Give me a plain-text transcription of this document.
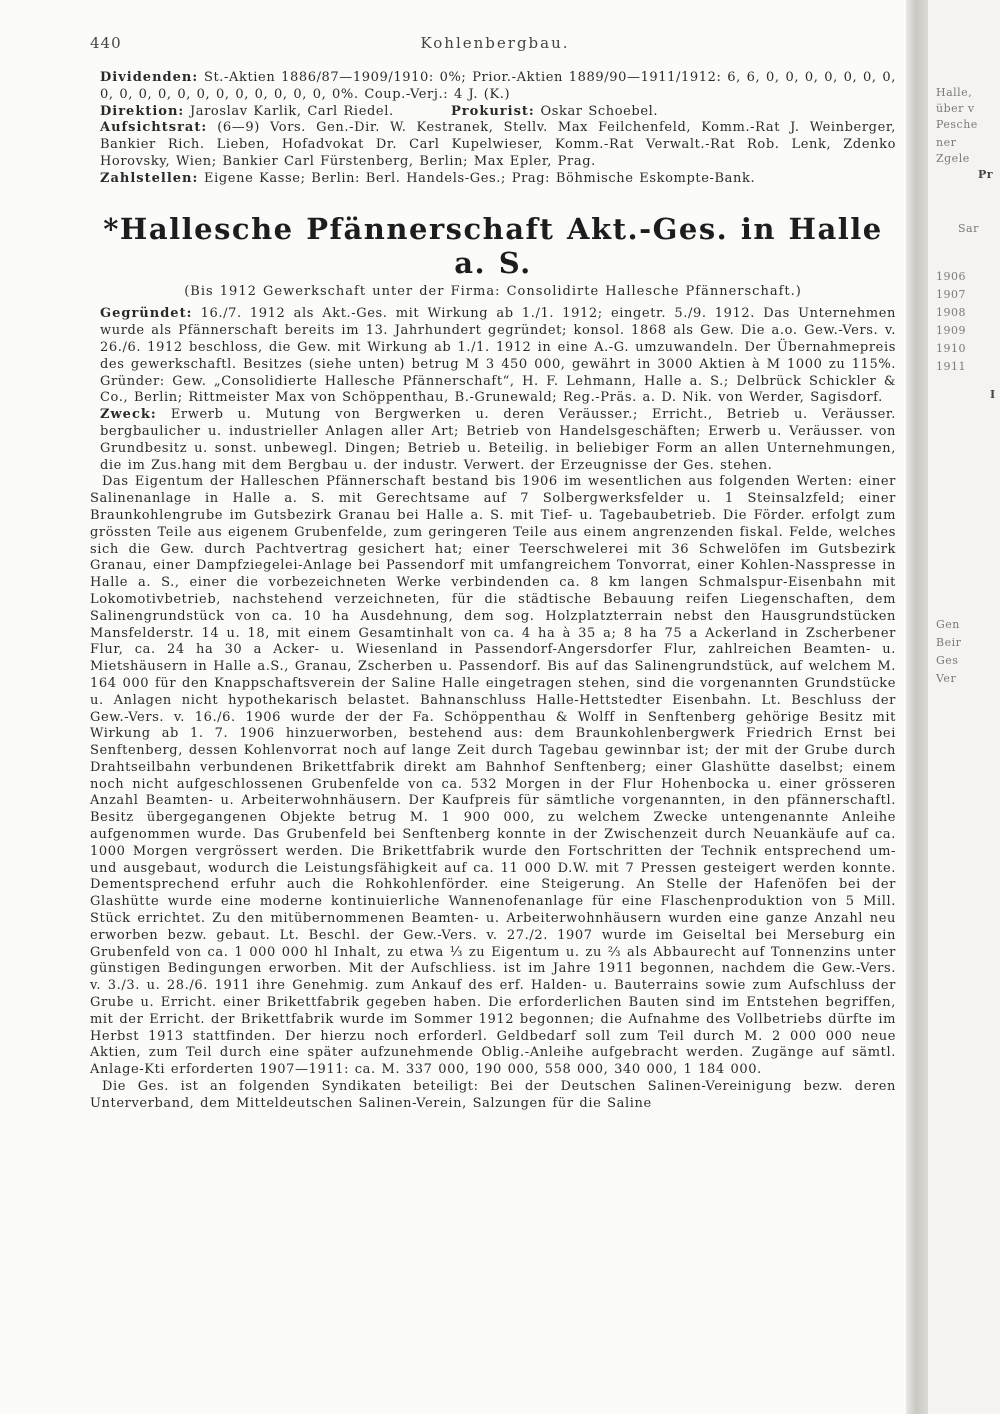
440	Kohlenbergbau.

Dividenden: St.-Aktien 1886/87—1909/1910: 0%; Prior.-Aktien 1889/90—1911/1912: 6, 6, 0, 0, 0, 0, 0, 0, 0, 0, 0, 0, 0, 0, 0, 0, 0, 0, 0, 0, 0, 0%. Coup.-Verj.: 4 J. (K.)

Direktion: Jaroslav Karlik, Carl Riedel.	Prokurist: Oskar Schoebel.

Aufsichtsrat: (6—9) Vors. Gen.-Dir. W. Kestranek, Stellv. Max Feilchenfeld, Komm.-Rat J. Weinberger, Bankier Rich. Lieben, Hofadvokat Dr. Carl Kupelwieser, Komm.-Rat Verwalt.-Rat Rob. Lenk, Zdenko Horovsky, Wien; Bankier Carl Fürstenberg, Berlin; Max Epler, Prag.

Zahlstellen: Eigene Kasse; Berlin: Berl. Handels-Ges.; Prag: Böhmische Eskompte-Bank.

*Hallesche Pfännerschaft Akt.-Ges. in Halle a. S.
(Bis 1912 Gewerkschaft unter der Firma: Consolidirte Hallesche Pfännerschaft.)

Gegründet: 16./7. 1912 als Akt.-Ges. mit Wirkung ab 1./1. 1912; eingetr. 5./9. 1912. Das Unternehmen wurde als Pfännerschaft bereits im 13. Jahrhundert gegründet; konsol. 1868 als Gew. Die a.o. Gew.-Vers. v. 26./6. 1912 beschloss, die Gew. mit Wirkung ab 1./1. 1912 in eine A.-G. umzuwandeln. Der Übernahmepreis des gewerkschaftl. Besitzes (siehe unten) betrug M 3 450 000, gewährt in 3000 Aktien à M 1000 zu 115%. Gründer: Gew. „Consolidierte Hallesche Pfännerschaft“, H. F. Lehmann, Halle a. S.; Delbrück Schickler & Co., Berlin; Rittmeister Max von Schöppenthau, B.-Grunewald; Reg.-Präs. a. D. Nik. von Werder, Sagisdorf.

Zweck: Erwerb u. Mutung von Bergwerken u. deren Veräusser.; Erricht., Betrieb u. Veräusser. bergbaulicher u. industrieller Anlagen aller Art; Betrieb von Handelsgeschäften; Erwerb u. Veräusser. von Grundbesitz u. sonst. unbewegl. Dingen; Betrieb u. Beteilig. in beliebiger Form an allen Unternehmungen, die im Zus.hang mit dem Bergbau u. der industr. Verwert. der Erzeugnisse der Ges. stehen.

Das Eigentum der Halleschen Pfännerschaft bestand bis 1906 im wesentlichen aus folgenden Werten: einer Salinenanlage in Halle a. S. mit Gerechtsame auf 7 Solbergwerksfelder u. 1 Steinsalzfeld; einer Braunkohlengrube im Gutsbezirk Granau bei Halle a. S. mit Tief- u. Tagebaubetrieb. Die Förder. erfolgt zum grössten Teile aus eigenem Grubenfelde, zum geringeren Teile aus einem angrenzenden fiskal. Felde, welches sich die Gew. durch Pachtvertrag gesichert hat; einer Teerschwelerei mit 36 Schwelöfen im Gutsbezirk Granau, einer Dampfziegelei-Anlage bei Passendorf mit umfangreichem Tonvorrat, einer Kohlen-Nasspresse in Halle a. S., einer die vorbezeichneten Werke verbindenden ca. 8 km langen Schmalspur-Eisenbahn mit Lokomotivbetrieb, nachstehend verzeichneten, für die städtische Bebauung reifen Liegenschaften, dem Salinengrundstück von ca. 10 ha Ausdehnung, dem sog. Holzplatzterrain nebst den Hausgrundstücken Mansfelderstr. 14 u. 18, mit einem Gesamtinhalt von ca. 4 ha à 35 a; 8 ha 75 a Ackerland in Zscherbener Flur, ca. 24 ha 30 a Acker- u. Wiesenland in Passendorf-Angersdorfer Flur, zahlreichen Beamten- u. Mietshäusern in Halle a.S., Granau, Zscherben u. Passendorf. Bis auf das Salinengrundstück, auf welchem M. 164 000 für den Knappschaftsverein der Saline Halle eingetragen stehen, sind die vorgenannten Grundstücke u. Anlagen nicht hypothekarisch belastet. Bahnanschluss Halle-Hettstedter Eisenbahn. Lt. Beschluss der Gew.-Vers. v. 16./6. 1906 wurde der der Fa. Schöppenthau & Wolff in Senftenberg gehörige Besitz mit Wirkung ab 1. 7. 1906 hinzuerworben, bestehend aus: dem Braunkohlenbergwerk Friedrich Ernst bei Senftenberg, dessen Kohlenvorrat noch auf lange Zeit durch Tagebau gewinnbar ist; der mit der Grube durch Drahtseilbahn verbundenen Brikettfabrik direkt am Bahnhof Senftenberg; einer Glashütte daselbst; einem noch nicht aufgeschlossenen Grubenfelde von ca. 532 Morgen in der Flur Hohenbocka u. einer grösseren Anzahl Beamten- u. Arbeiterwohnhäusern. Der Kaufpreis für sämtliche vorgenannten, in den pfännerschaftl. Besitz übergegangenen Objekte betrug M. 1 900 000, zu welchem Zwecke untengenannte Anleihe aufgenommen wurde. Das Grubenfeld bei Senftenberg konnte in der Zwischenzeit durch Neuankäufe auf ca. 1000 Morgen vergrössert werden. Die Brikettfabrik wurde den Fortschritten der Technik entsprechend um- und ausgebaut, wodurch die Leistungsfähigkeit auf ca. 11 000 D.W. mit 7 Pressen gesteigert werden konnte. Dementsprechend erfuhr auch die Rohkohlenförder. eine Steigerung. An Stelle der Hafenöfen bei der Glashütte wurde eine moderne kontinuierliche Wannenofenanlage für eine Flaschenproduktion von 5 Mill. Stück errichtet. Zu den mitübernommenen Beamten- u. Arbeiterwohnhäusern wurden eine ganze Anzahl neu erworben bezw. gebaut. Lt. Beschl. der Gew.-Vers. v. 27./2. 1907 wurde im Geiseltal bei Merseburg ein Grubenfeld von ca. 1 000 000 hl Inhalt, zu etwa ⅓ zu Eigentum u. zu ⅔ als Abbaurecht auf Tonnenzins unter günstigen Bedingungen erworben. Mit der Aufschliess. ist im Jahre 1911 begonnen, nachdem die Gew.-Vers. v. 3./3. u. 28./6. 1911 ihre Genehmig. zum Ankauf des erf. Halden- u. Bauterrains sowie zum Aufschluss der Grube u. Erricht. einer Brikettfabrik gegeben haben. Die erforderlichen Bauten sind im Entstehen begriffen, mit der Erricht. der Brikettfabrik wurde im Sommer 1912 begonnen; die Aufnahme des Vollbetriebs dürfte im Herbst 1913 stattfinden. Der hierzu noch erforderl. Geldbedarf soll zum Teil durch M. 2 000 000 neue Aktien, zum Teil durch eine später aufzunehmende Oblig.-Anleihe aufgebracht werden. Zugänge auf sämtl. Anlage-Kti erforderten 1907—1911: ca. M. 337 000, 190 000, 558 000, 340 000, 1 184 000.

Die Ges. ist an folgenden Syndikaten beteiligt: Bei der Deutschen Salinen-Vereinigung bezw. deren Unterverband, dem Mitteldeutschen Salinen-Verein, Salzungen für die Saline

Halle,
über v
Pesche
ner
Zgele
Pr
Sar
1906
1907
1908
1909
1910
1911
I
Gen
Beir
Ges
Ver
